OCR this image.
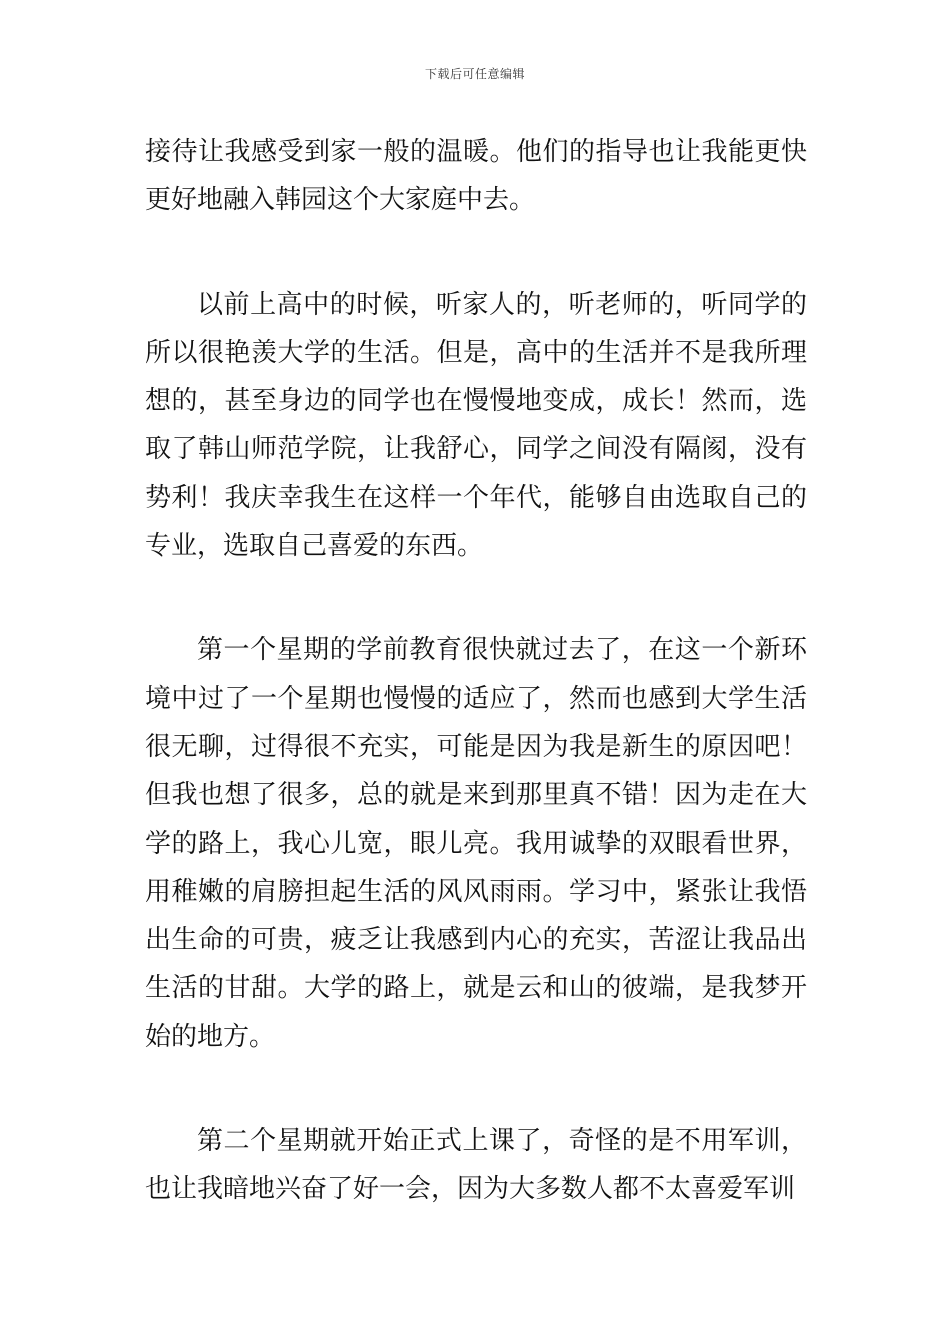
下载后可任意编辑

接待让我感受到家一般的温暖。他们的指导也让我能更快更好地融入韩园这个大家庭中去。

以前上高中的时候，听家人的，听老师的，听同学的所以很艳羡大学的生活。但是，高中的生活并不是我所理想的，甚至身边的同学也在慢慢地变成，成长！然而，选取了韩山师范学院，让我舒心，同学之间没有隔阂，没有势利！我庆幸我生在这样一个年代，能够自由选取自己的专业，选取自己喜爱的东西。

第一个星期的学前教育很快就过去了，在这一个新环境中过了一个星期也慢慢的适应了，然而也感到大学生活很无聊，过得很不充实，可能是因为我是新生的原因吧！但我也想了很多，总的就是来到那里真不错！因为走在大学的路上，我心儿宽，眼儿亮。我用诚挚的双眼看世界，用稚嫩的肩膀担起生活的风风雨雨。学习中，紧张让我悟出生命的可贵，疲乏让我感到内心的充实，苦涩让我品出生活的甘甜。大学的路上，就是云和山的彼端，是我梦开始的地方。

第二个星期就开始正式上课了，奇怪的是不用军训，也让我暗地兴奋了好一会，因为大多数人都不太喜爱军训
